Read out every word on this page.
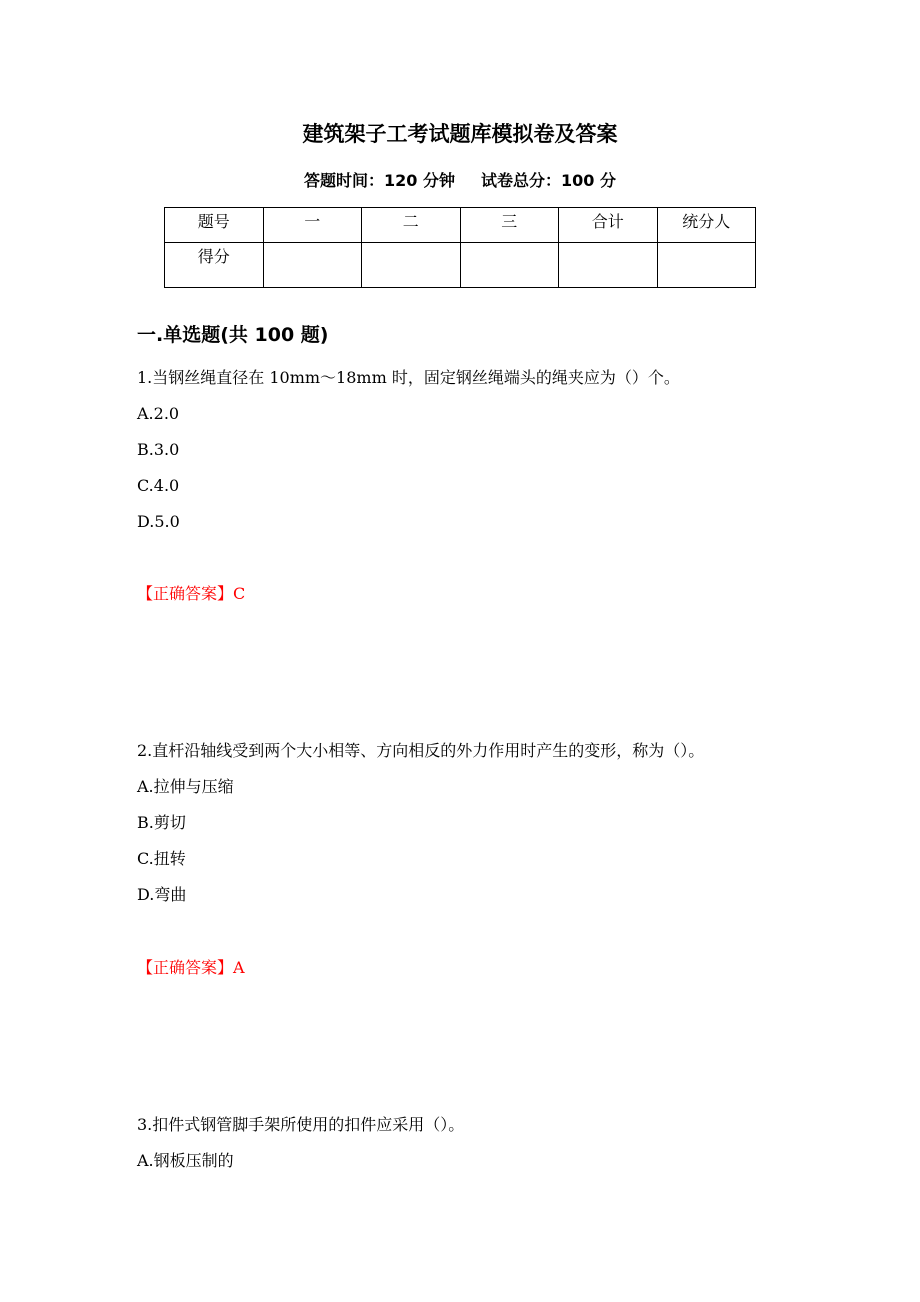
建筑架子工考试题库模拟卷及答案
答题时间：120 分钟 试卷总分：100 分
题号	一	二	三	合计	统分人
得分					
一.单选题(共 100 题)
1.当钢丝绳直径在 10mm～18mm 时，固定钢丝绳端头的绳夹应为（）个。
A.2.0
B.3.0
C.4.0
D.5.0
【正确答案】C
2.直杆沿轴线受到两个大小相等、方向相反的外力作用时产生的变形，称为（）。
A.拉伸与压缩
B.剪切
C.扭转
D.弯曲
【正确答案】A
3.扣件式钢管脚手架所使用的扣件应采用（）。
A.钢板压制的
